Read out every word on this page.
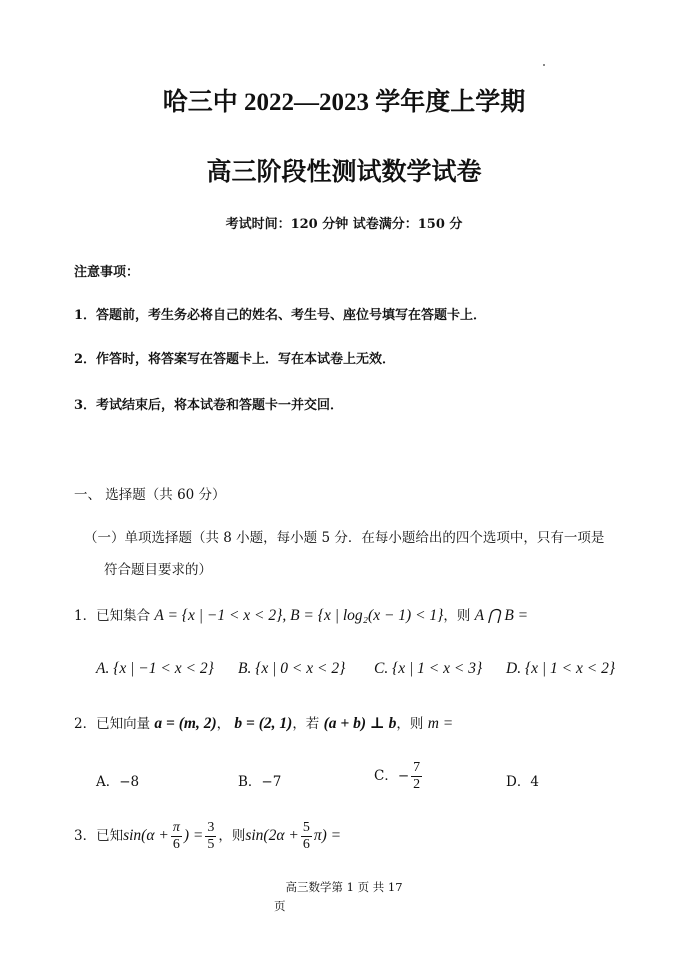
哈三中 2022—2023 学年度上学期
高三阶段性测试数学试卷
考试时间：120 分钟 试卷满分：150 分
注意事项：
1．答题前，考生务必将自己的姓名、考生号、座位号填写在答题卡上．
2．作答时，将答案写在答题卡上．写在本试卷上无效．
3．考试结束后，将本试卷和答题卡一并交回．
一、 选择题（共 60 分）
（一）单项选择题（共 8 小题，每小题 5 分．在每小题给出的四个选项中，只有一项是
符合题目要求的）
1．已知集合 A = {x | −1 < x < 2}, B = {x | log₂(x − 1) < 1}，则 A ⋂ B =
A. {x | −1 < x < 2} B. {x | 0 < x < 2} C. {x | 1 < x < 3} D. {x | 1 < x < 2}
2．已知向量 a = (m, 2)， b = (2, 1)，若 (a + b) ⊥ b，则 m =
A．−8	B．−7	C．− $\frac{7}{2}$	D．4
3．已知$\sin(\alpha + \frac{\pi}{6}$ ) = $\frac{3}{5}$ ，则$\sin(2\alpha + \frac{5}{6} \pi)$ =
高三数学第 1 页 共 17
页
